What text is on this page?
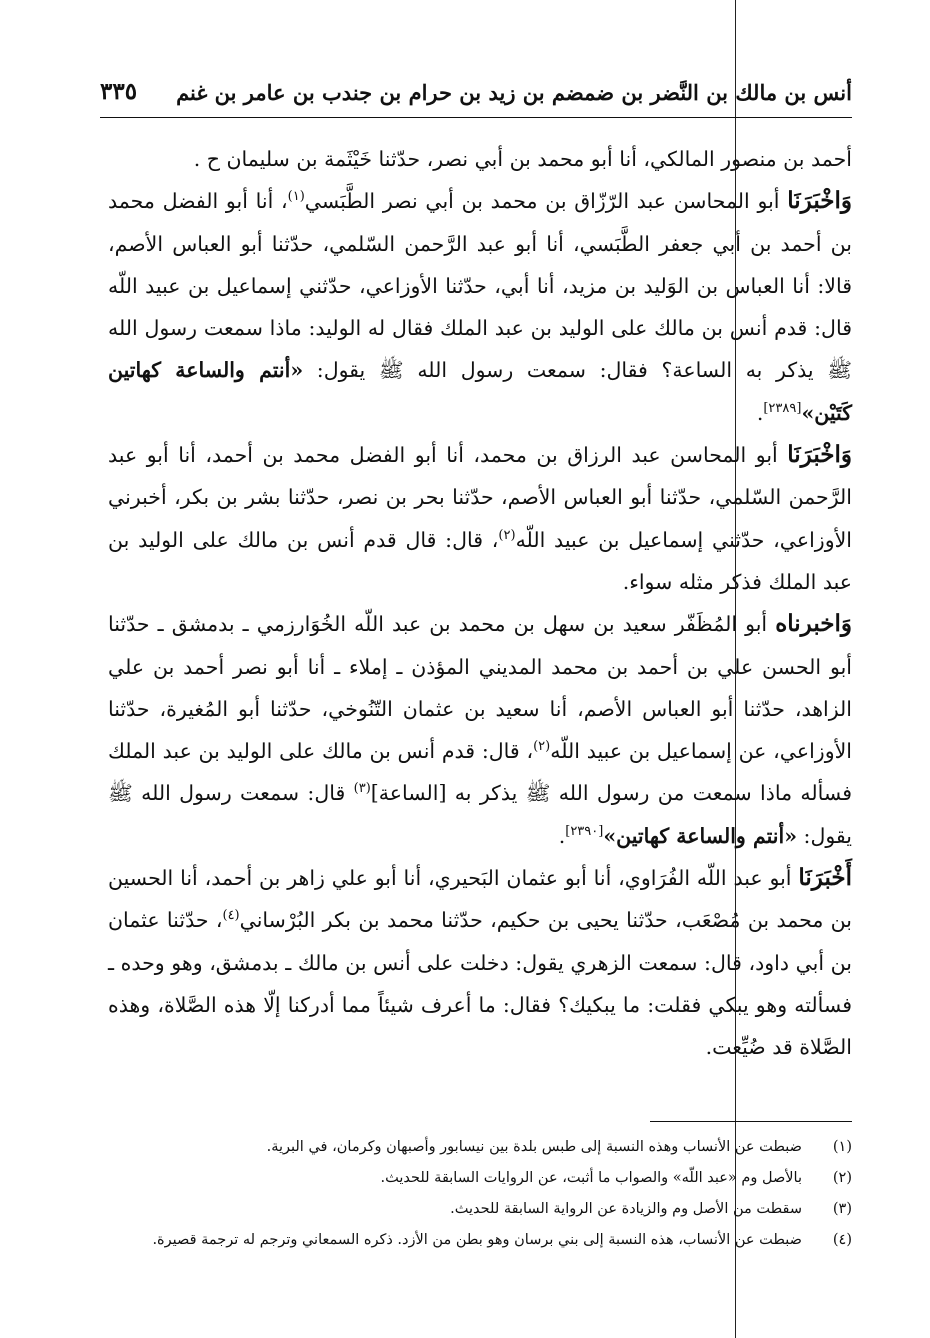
أنس بن مالك بن النَّضر بن ضمضم بن زيد بن حرام بن جندب بن عامر بن غنم
٣٣٥

أحمد بن منصور المالكي، أنا أبو محمد بن أبي نصر، حدّثنا خَيْثَمة بن سليمان ح .

وَاخْبَرَنَا أبو المحاسن عبد الرّزّاق بن محمد بن أبي نصر الطَّبَسي$^{(١)}$، أنا أبو الفضل محمد بن أحمد بن أبي جعفر الطَّبَسي، أنا أبو عبد الرَّحمن السّلمي، حدّثنا أبو العباس الأصم، قالا: أنا العباس بن الوَليد بن مزيد، أنا أبي، حدّثنا الأوزاعي، حدّثني إسماعيل بن عبيد اللّه قال: قدم أنس بن مالك على الوليد بن عبد الملك فقال له الوليد: ماذا سمعت رسول الله ﷺ يذكر به الساعة؟ فقال: سمعت رسول الله ﷺ يقول: «أنتم والساعة كهاتين كَتَيْن»[٢٣٨٩].

وَاخْبَرَنَا أبو المحاسن عبد الرزاق بن محمد، أنا أبو الفضل محمد بن أحمد، أنا أبو عبد الرَّحمن السّلمي، حدّثنا أبو العباس الأصم، حدّثنا بحر بن نصر، حدّثنا بشر بن بكر، أخبرني الأوزاعي، حدّثني إسماعيل بن عبيد اللّه$^{(٢)}$، قال: قال قدم أنس بن مالك على الوليد بن عبد الملك فذكر مثله سواء.

وَاخبرناه أبو المُظَفّر سعيد بن سهل بن محمد بن عبد اللّه الخُوَارزمي ـ بدمشق ـ حدّثنا أبو الحسن علي بن أحمد بن محمد المديني المؤذن ـ إملاء ـ أنا أبو نصر أحمد بن علي الزاهد، حدّثنا أبو العباس الأصم، أنا سعيد بن عثمان التّنُوخي، حدّثنا أبو المُغيرة، حدّثنا الأوزاعي، عن إسماعيل بن عبيد اللّه$^{(٢)}$، قال: قدم أنس بن مالك على الوليد بن عبد الملك فسأله ماذا سمعت من رسول الله ﷺ يذكر به [الساعة]$^{(٣)}$ قال: سمعت رسول الله ﷺ يقول: «أنتم والساعة كهاتين»[٢٣٩٠].

أَخْبَرَنَا أبو عبد اللّه الفُرَاوي، أنا أبو عثمان البَحيري، أنا أبو علي زاهر بن أحمد، أنا الحسين بن محمد بن مُصْعَب، حدّثنا يحيى بن حكيم، حدّثنا محمد بن بكر البُرْساني$^{(٤)}$، حدّثنا عثمان بن أبي داود، قال: سمعت الزهري يقول: دخلت على أنس بن مالك ـ بدمشق، وهو وحده ـ فسألته وهو يبكي فقلت: ما يبكيك؟ فقال: ما أعرف شيئاً مما أدركنا إلّا هذه الصَّلاة، وهذه الصَّلاة قد ضُيِّعت.

(١)
ضبطت عن الأنساب وهذه النسبة إلى طبس بلدة بين نيسابور وأصبهان وكرمان، في البرية.
(٢)
بالأصل وم «عبد اللّه» والصواب ما أثبت، عن الروايات السابقة للحديث.
(٣)
سقطت من الأصل وم والزيادة عن الرواية السابقة للحديث.
(٤)
ضبطت عن الأنساب، هذه النسبة إلى بني برسان وهو بطن من الأزد. ذكره السمعاني وترجم له ترجمة قصيرة.
